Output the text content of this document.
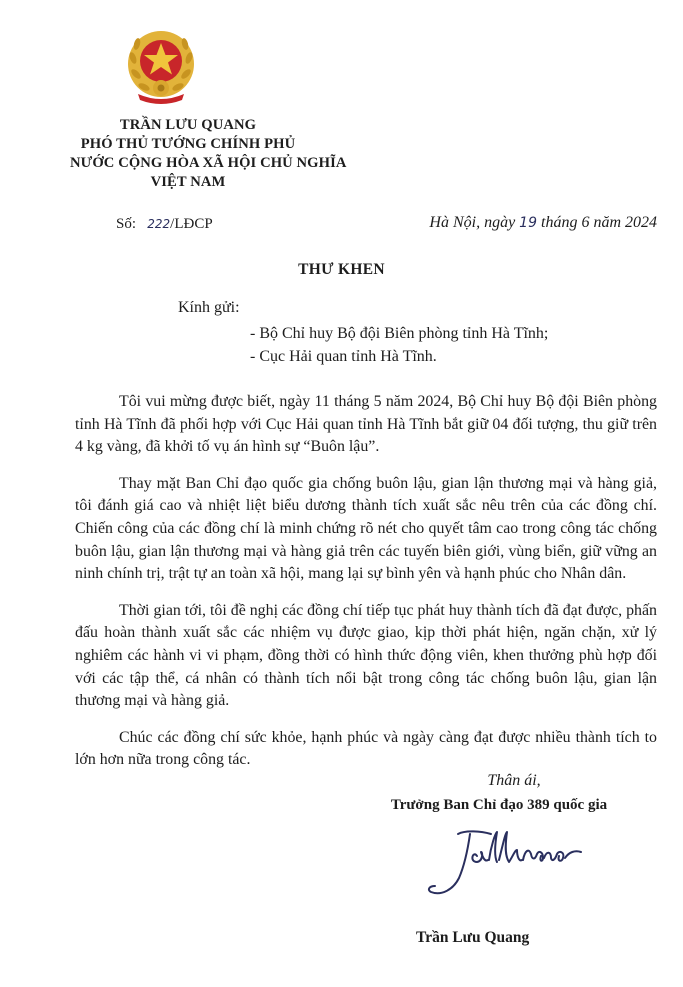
TRẦN LƯU QUANG
PHÓ THỦ TƯỚNG CHÍNH PHỦ
NƯỚC CỘNG HÒA XÃ HỘI CHỦ NGHĨA
VIỆT NAM
Số: 222/LĐCP	Hà Nội, ngày 19 tháng 6 năm 2024
THƯ KHEN
Kính gửi:
- Bộ Chỉ huy Bộ đội Biên phòng tỉnh Hà Tĩnh;
- Cục Hải quan tỉnh Hà Tĩnh.

Tôi vui mừng được biết, ngày 11 tháng 5 năm 2024, Bộ Chỉ huy Bộ đội Biên phòng tỉnh Hà Tĩnh đã phối hợp với Cục Hải quan tỉnh Hà Tĩnh bắt giữ 04 đối tượng, thu giữ trên 4 kg vàng, đã khởi tố vụ án hình sự “Buôn lậu”.

Thay mặt Ban Chỉ đạo quốc gia chống buôn lậu, gian lận thương mại và hàng giả, tôi đánh giá cao và nhiệt liệt biểu dương thành tích xuất sắc nêu trên của các đồng chí. Chiến công của các đồng chí là minh chứng rõ nét cho quyết tâm cao trong công tác chống buôn lậu, gian lận thương mại và hàng giả trên các tuyến biên giới, vùng biển, giữ vững an ninh chính trị, trật tự an toàn xã hội, mang lại sự bình yên và hạnh phúc cho Nhân dân.

Thời gian tới, tôi đề nghị các đồng chí tiếp tục phát huy thành tích đã đạt được, phấn đấu hoàn thành xuất sắc các nhiệm vụ được giao, kịp thời phát hiện, ngăn chặn, xử lý nghiêm các hành vi vi phạm, đồng thời có hình thức động viên, khen thưởng phù hợp đối với các tập thể, cá nhân có thành tích nổi bật trong công tác chống buôn lậu, gian lận thương mại và hàng giả.

Chúc các đồng chí sức khỏe, hạnh phúc và ngày càng đạt được nhiều thành tích to lớn hơn nữa trong công tác.

Thân ái,
Trưởng Ban Chỉ đạo 389 quốc gia
Trần Lưu Quang
